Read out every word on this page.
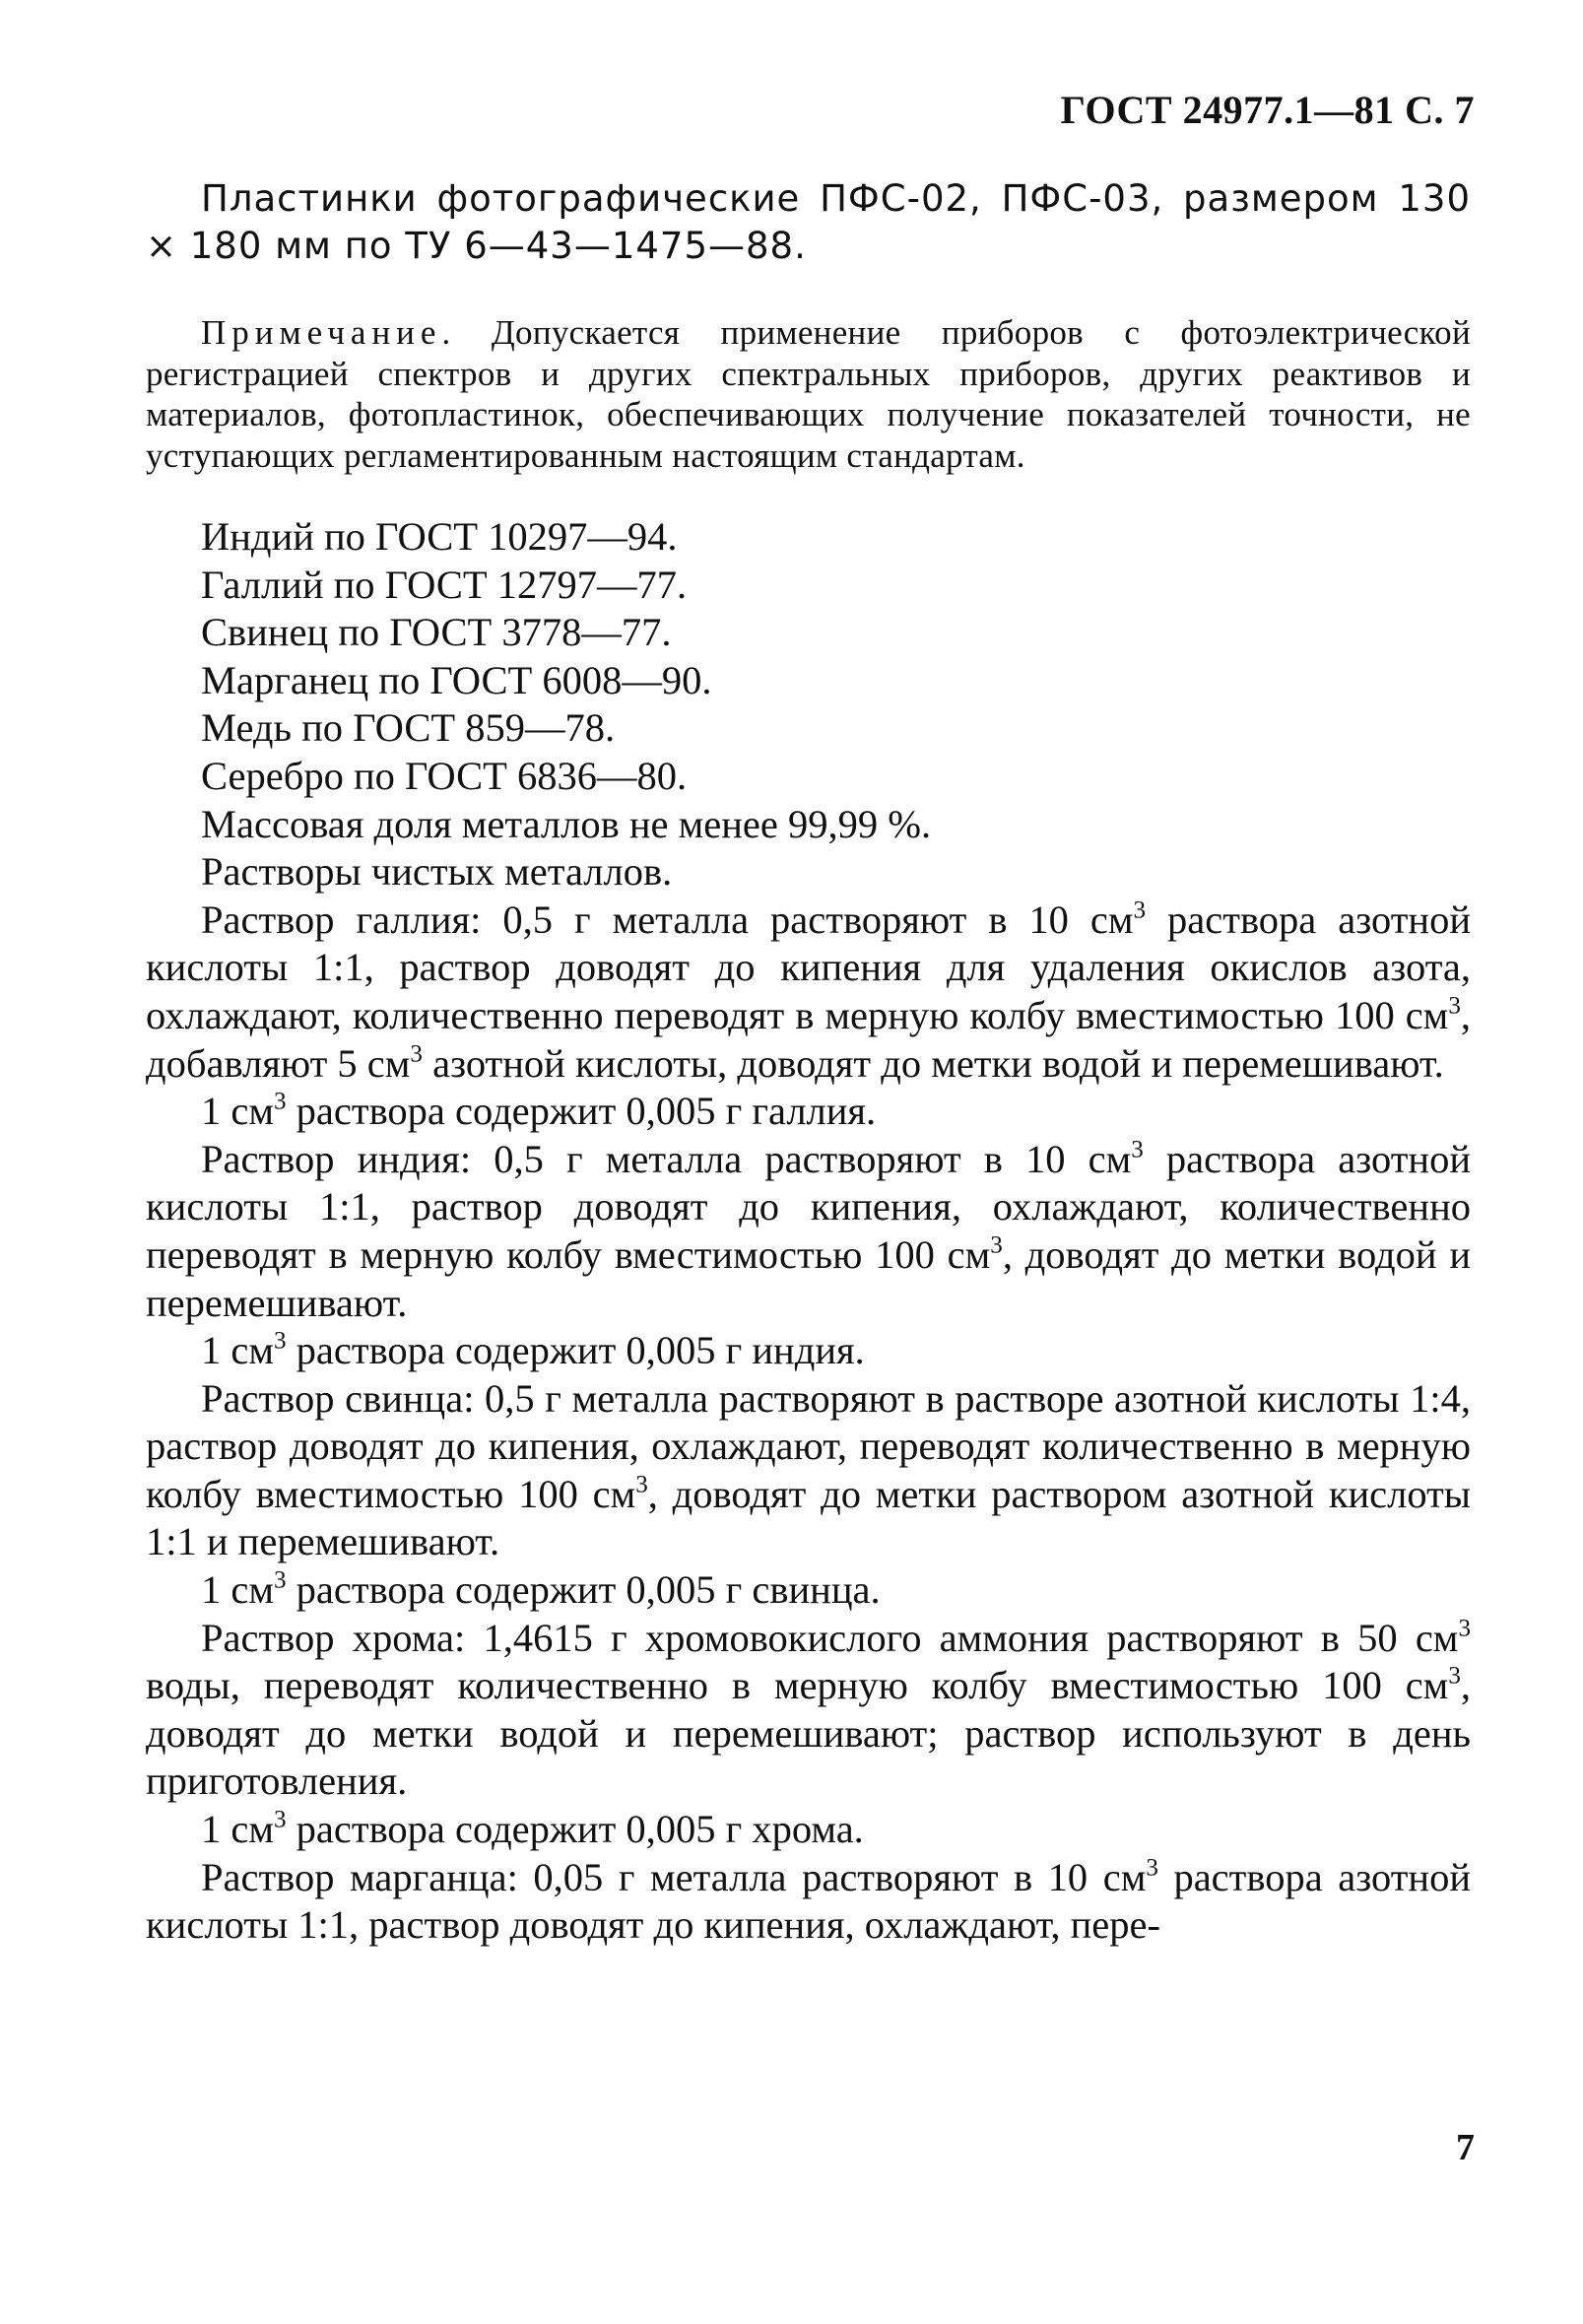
ГОСТ 24977.1—81 С. 7

Пластинки фотографические ПФС-02, ПФС-03, размером 130 × 180 мм по ТУ 6—43—1475—88.

Примечание. Допускается применение приборов с фотоэлектрической регистрацией спектров и других спектральных приборов, других реактивов и материалов, фотопластинок, обеспечивающих получение показателей точности, не уступающих регламентированным настоящим стандартам.

Индий по ГОСТ 10297—94.

Галлий по ГОСТ 12797—77.

Свинец по ГОСТ 3778—77.

Марганец по ГОСТ 6008—90.

Медь по ГОСТ 859—78.

Серебро по ГОСТ 6836—80.

Массовая доля металлов не менее 99,99 %.

Растворы чистых металлов.

Раствор галлия: 0,5 г металла растворяют в 10 $см^3$ раствора азотной кислоты 1:1, раствор доводят до кипения для удаления окислов азота, охлаждают, количественно переводят в мерную колбу вместимостью 100 $см^3$, добавляют 5 $см^3$ азотной кислоты, доводят до метки водой и перемешивают.

1 $см^3$ раствора содержит 0,005 г галлия.

Раствор индия: 0,5 г металла растворяют в 10 $см^3$ раствора азотной кислоты 1:1, раствор доводят до кипения, охлаждают, количественно переводят в мерную колбу вместимостью 100 $см^3$, доводят до метки водой и перемешивают.

1 $см^3$ раствора содержит 0,005 г индия.

Раствор свинца: 0,5 г металла растворяют в растворе азотной кислоты 1:4, раствор доводят до кипения, охлаждают, переводят количественно в мерную колбу вместимостью 100 $см^3$, доводят до метки раствором азотной кислоты 1:1 и перемешивают.

1 $см^3$ раствора содержит 0,005 г свинца.

Раствор хрома: 1,4615 г хромовокислого аммония растворяют в 50 $см^3$ воды, переводят количественно в мерную колбу вместимостью 100 $см^3$, доводят до метки водой и перемешивают; раствор используют в день приготовления.

1 $см^3$ раствора содержит 0,005 г хрома.

Раствор марганца: 0,05 г металла растворяют в 10 $см^3$ раствора азотной кислоты 1:1, раствор доводят до кипения, охлаждают, пере-

7
